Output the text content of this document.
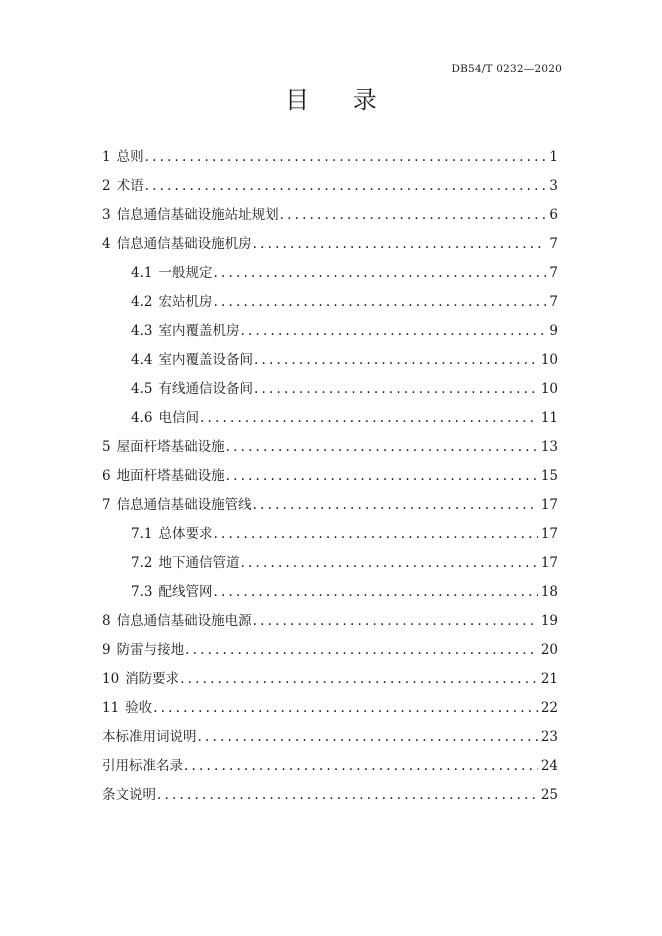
DB54/T 0232—2020
目 录
1 总则 .....	1
2 术语 .....	3
3 信息通信基础设施站址规划 .....	6
4 信息通信基础设施机房 .....	7
4.1 一般规定 .....	7
4.2 宏站机房 .....	7
4.3 室内覆盖机房 .....	9
4.4 室内覆盖设备间 .....	10
4.5 有线通信设备间 .....	10
4.6 电信间 .....	11
5 屋面杆塔基础设施 .....	13
6 地面杆塔基础设施 .....	15
7 信息通信基础设施管线 .....	17
7.1 总体要求 .....	17
7.2 地下通信管道 .....	17
7.3 配线管网 .....	18
8 信息通信基础设施电源 .....	19
9 防雷与接地 .....	20
10 消防要求 .....	21
11 验收 .....	22
本标准用词说明 .....	23
引用标准名录 .....	24
条文说明 .....	25
